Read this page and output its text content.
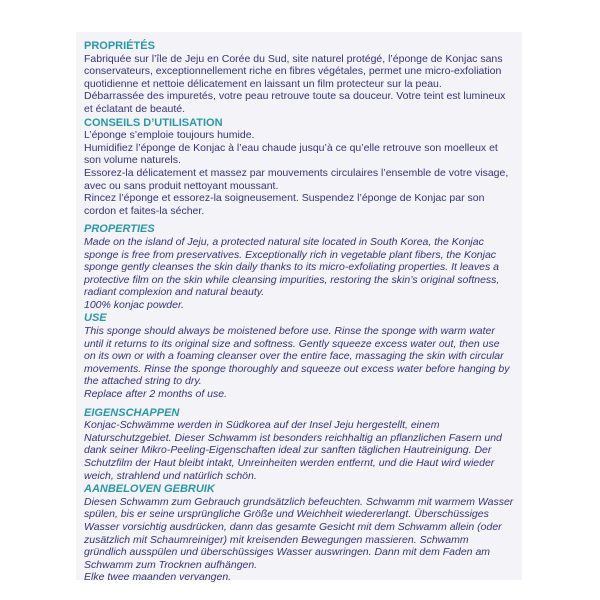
PROPRIÉTÉS

Fabriquée sur l’île de Jeju en Corée du Sud, site naturel protégé, l’éponge de Konjac sans conservateurs, exceptionnellement riche en fibres végétales, permet une micro-exfoliation quotidienne et nettoie délicatement en laissant un film protecteur sur la peau.

Débarrassée des impuretés, votre peau retrouve toute sa douceur. Votre teint est lumineux et éclatant de beauté.

CONSEILS D’UTILISATION

L’éponge s’emploie toujours humide.

Humidifiez l’éponge de Konjac à l’eau chaude jusqu’à ce qu’elle retrouve son moelleux et son volume naturels.

Essorez-la délicatement et massez par mouvements circulaires l’ensemble de votre visage, avec ou sans produit nettoyant moussant.

Rincez l’éponge et essorez-la soigneusement. Suspendez l’éponge de Konjac par son cordon et faites-la sécher.

PROPERTIES

Made on the island of Jeju, a protected natural site located in South Korea, the Konjac sponge is free from preservatives. Exceptionally rich in vegetable plant fibers, the Konjac sponge gently cleanses the skin daily thanks to its micro-exfoliating properties. It leaves a protective film on the skin while cleansing impurities, restoring the skin’s original softness, radiant complexion and natural beauty.

100% konjac powder.

USE

This sponge should always be moistened before use. Rinse the sponge with warm water until it returns to its original size and softness. Gently squeeze excess water out, then use on its own or with a foaming cleanser over the entire face, massaging the skin with circular movements. Rinse the sponge thoroughly and squeeze out excess water before hanging by the attached string to dry.

Replace after 2 months of use.

EIGENSCHAPPEN

Konjac-Schwämme werden in Südkorea auf der Insel Jeju hergestellt, einem Naturschutzgebiet. Dieser Schwamm ist besonders reichhaltig an pflanzlichen Fasern und dank seiner Mikro-Peeling-Eigenschaften ideal zur sanften täglichen Hautreinigung. Der Schutzfilm der Haut bleibt intakt, Unreinheiten werden entfernt, und die Haut wird wieder weich, strahlend und natürlich schön.

AANBELOVEN GEBRUIK

Diesen Schwamm zum Gebrauch grundsätzlich befeuchten. Schwamm mit warmem Wasser spülen, bis er seine ursprüngliche Größe und Weichheit wiedererlangt. Überschüssiges Wasser vorsichtig ausdrücken, dann das gesamte Gesicht mit dem Schwamm allein (oder zusätzlich mit Schaumreiniger) mit kreisenden Bewegungen massieren. Schwamm gründlich ausspülen und überschüssiges Wasser auswringen. Dann mit dem Faden am Schwamm zum Trocknen aufhängen.

Elke twee maanden vervangen.
